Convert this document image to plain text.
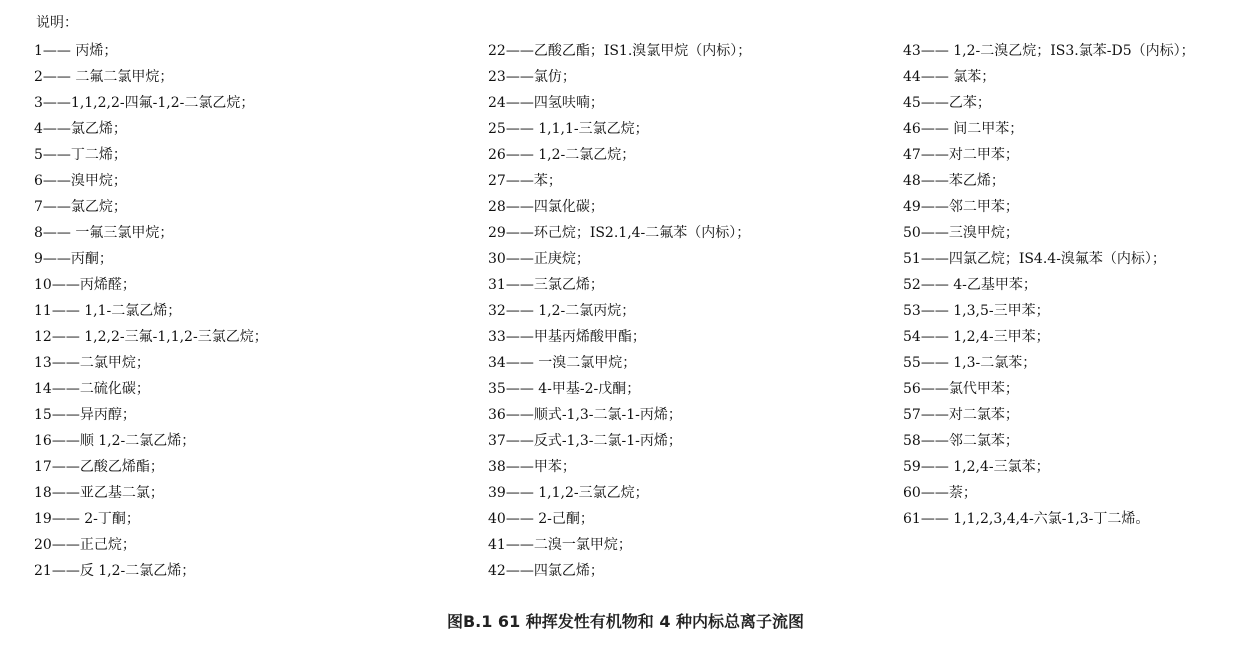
说明：

1—— 丙烯；
2—— 二氟二氯甲烷；
3——1,1,2,2-四氟-1,2-二氯乙烷；
4——氯乙烯；
5——丁二烯；
6——溴甲烷；
7——氯乙烷；
8—— 一氟三氯甲烷；
9——丙酮；
10——丙烯醛；
11—— 1,1-二氯乙烯；
12—— 1,2,2-三氟-1,1,2-三氯乙烷；
13——二氯甲烷；
14——二硫化碳；
15——异丙醇；
16——顺 1,2-二氯乙烯；
17——乙酸乙烯酯；
18——亚乙基二氯；
19—— 2-丁酮；
20——正己烷；
21——反 1,2-二氯乙烯；
22——乙酸乙酯；IS1.溴氯甲烷（内标）；
23——氯仿；
24——四氢呋喃；
25—— 1,1,1-三氯乙烷；
26—— 1,2-二氯乙烷；
27——苯；
28——四氯化碳；
29——环己烷；IS2.1,4-二氟苯（内标）；
30——正庚烷；
31——三氯乙烯；
32—— 1,2-二氯丙烷；
33——甲基丙烯酸甲酯；
34—— 一溴二氯甲烷；
35—— 4-甲基-2-戊酮；
36——顺式-1,3-二氯-1-丙烯；
37——反式-1,3-二氯-1-丙烯；
38——甲苯；
39—— 1,1,2-三氯乙烷；
40—— 2-己酮；
41——二溴一氯甲烷；
42——四氯乙烯；
43—— 1,2-二溴乙烷；IS3.氯苯-D5（内标）；
44—— 氯苯；
45——乙苯；
46—— 间二甲苯；
47——对二甲苯；
48——苯乙烯；
49——邻二甲苯；
50——三溴甲烷；
51——四氯乙烷；IS4.4-溴氟苯（内标）；
52—— 4-乙基甲苯；
53—— 1,3,5-三甲苯；
54—— 1,2,4-三甲苯；
55—— 1,3-二氯苯；
56——氯代甲苯；
57——对二氯苯；
58——邻二氯苯；
59—— 1,2,4-三氯苯；
60——萘；
61—— 1,1,2,3,4,4-六氯-1,3-丁二烯。
图B.1 61 种挥发性有机物和 4 种内标总离子流图
